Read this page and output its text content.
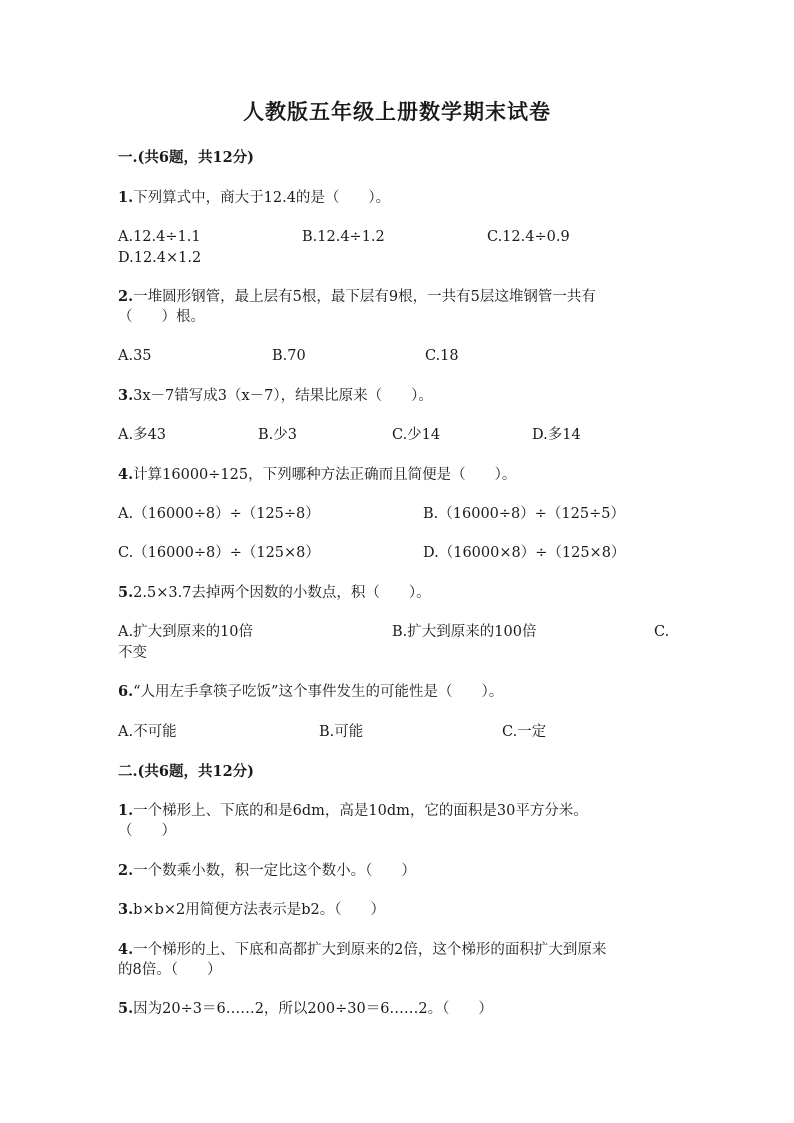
人教版五年级上册数学期末试卷
一.(共6题，共12分)
1.下列算式中，商大于12.4的是（　　）。
A.12.4÷1.1	B.12.4÷1.2	C.12.4÷0.9
D.12.4×1.2
2.一堆圆形钢管，最上层有5根，最下层有9根，一共有5层这堆钢管一共有
（　　）根。
A.35	B.70	C.18
3.3x－7错写成3（x－7），结果比原来（　　）。
A.多43	B.少3	C.少14	D.多14
4.计算16000÷125，下列哪种方法正确而且简便是（　　）。
A.（16000÷8）÷（125÷8）	B.（16000÷8）÷（125÷5）
C.（16000÷8）÷（125×8）	D.（16000×8）÷（125×8）
5.2.5×3.7去掉两个因数的小数点，积（　　）。
A.扩大到原来的10倍	B.扩大到原来的100倍	C.
不变
6.“人用左手拿筷子吃饭”这个事件发生的可能性是（　　）。
A.不可能	B.可能	C.一定
二.(共6题，共12分)
1.一个梯形上、下底的和是6dm，高是10dm，它的面积是30平方分米。
（　　）
2.一个数乘小数，积一定比这个数小。（　　）
3.b×b×2用简便方法表示是b2。（　　）
4.一个梯形的上、下底和高都扩大到原来的2倍，这个梯形的面积扩大到原来
的8倍。（　　）
5.因为20÷3＝6……2，所以200÷30＝6……2。（　　）
